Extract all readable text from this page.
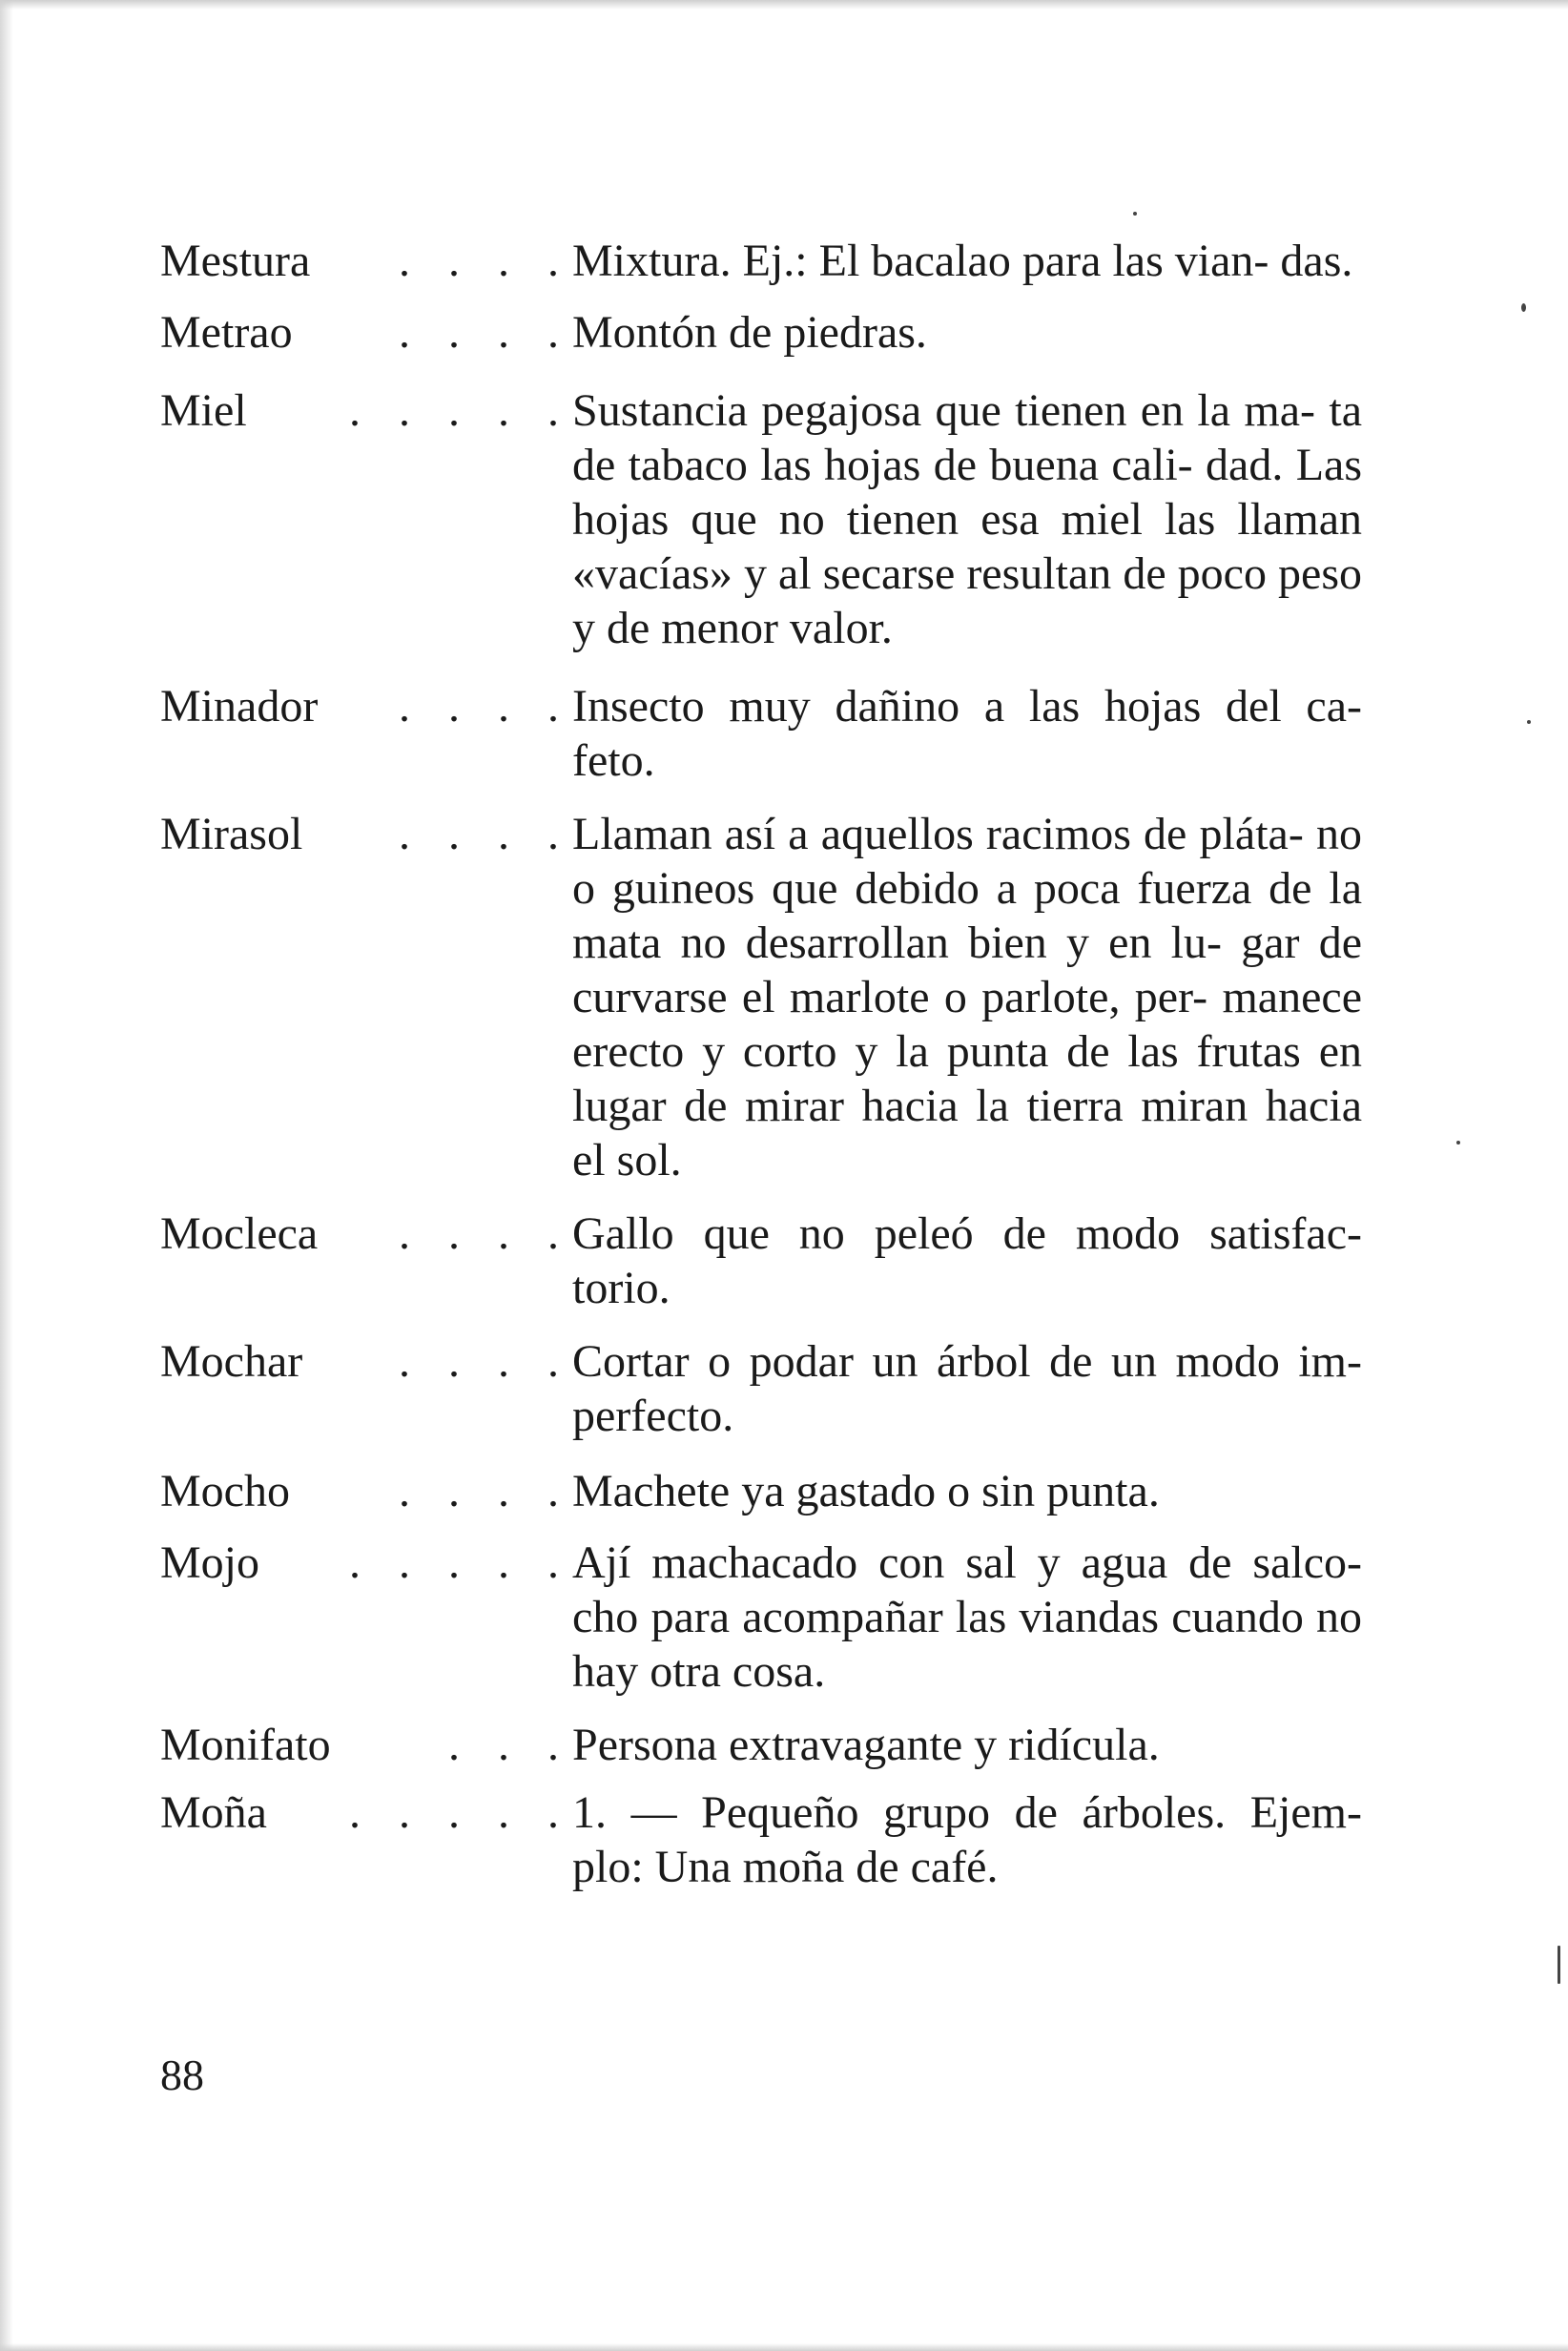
Mestura . . . . Mixtura. Ej.: El bacalao para las vian- das.
Metrao . . . . Montón de piedras.
Miel . . . . . Sustancia pegajosa que tienen en la ma- ta de tabaco las hojas de buena cali- dad. Las hojas que no tienen esa miel las llaman «vacías» y al secarse resultan de poco peso y de menor valor.
Minador . . . . Insecto muy dañino a las hojas del ca- feto.
Mirasol . . . . Llaman así a aquellos racimos de pláta- no o guineos que debido a poca fuerza de la mata no desarrollan bien y en lu- gar de curvarse el marlote o parlote, per- manece erecto y corto y la punta de las frutas en lugar de mirar hacia la tierra miran hacia el sol.
Mocleca . . . . Gallo que no peleó de modo satisfac- torio.
Mochar . . . . Cortar o podar un árbol de un modo im- perfecto.
Mocho . . . . Machete ya gastado o sin punta.
Mojo . . . . . Ají machacado con sal y agua de salco- cho para acompañar las viandas cuando no hay otra cosa.
Monifato	. . . Persona extravagante y ridícula.
Moña . . . . . 1. — Pequeño grupo de árboles. Ejem- plo: Una moña de café.
88
